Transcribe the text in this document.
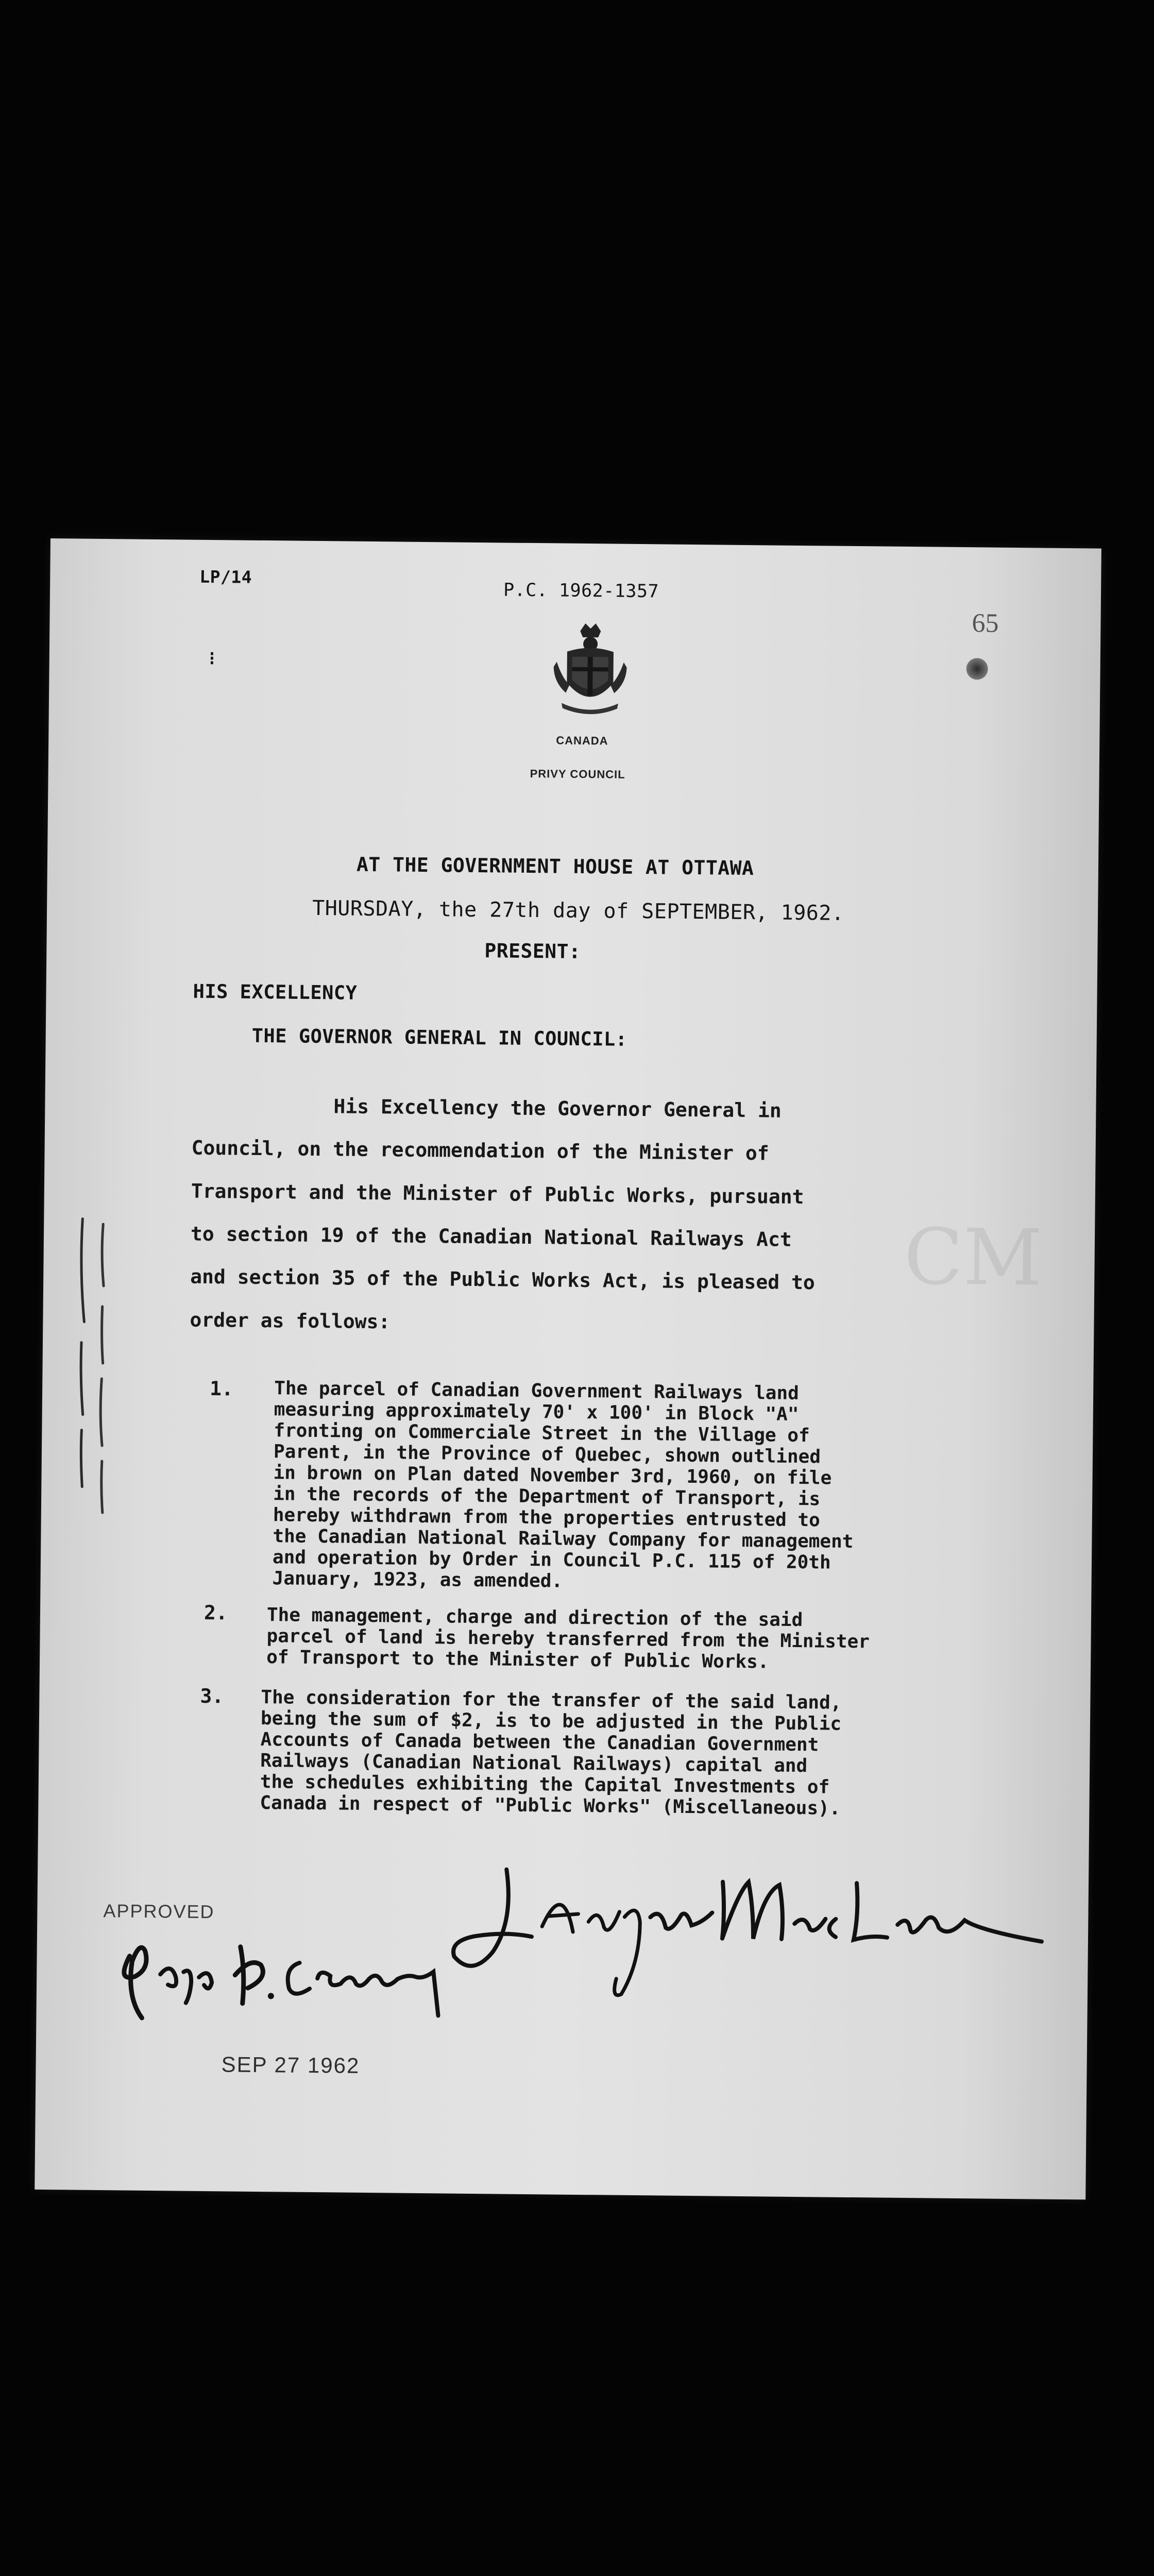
LP/14
P.C. 1962-1357
65
⁝
CANADA
PRIVY COUNCIL
AT THE GOVERNMENT HOUSE AT OTTAWA
THURSDAY, the 27th day of SEPTEMBER, 1962.
PRESENT:
HIS EXCELLENCY
THE GOVERNOR GENERAL IN COUNCIL:
His Excellency the Governor General in
Council, on the recommendation of the Minister of
Transport and the Minister of Public Works, pursuant
to section 19 of the Canadian National Railways Act
and section 35 of the Public Works Act, is pleased to
order as follows:
1. The parcel of Canadian Government Railways land
measuring approximately 70' x 100' in Block "A"
fronting on Commerciale Street in the Village of
Parent, in the Province of Quebec, shown outlined
in brown on Plan dated November 3rd, 1960, on file
in the records of the Department of Transport, is
hereby withdrawn from the properties entrusted to
the Canadian National Railway Company for management
and operation by Order in Council P.C. 115 of 20th
January, 1923, as amended.
2. The management, charge and direction of the said
parcel of land is hereby transferred from the Minister
of Transport to the Minister of Public Works.
3. The consideration for the transfer of the said land,
being the sum of $2, is to be adjusted in the Public
Accounts of Canada between the Canadian Government
Railways (Canadian National Railways) capital and
the schedules exhibiting the Capital Investments of
Canada in respect of "Public Works" (Miscellaneous).
APPROVED
SEP 27 1962
CM
